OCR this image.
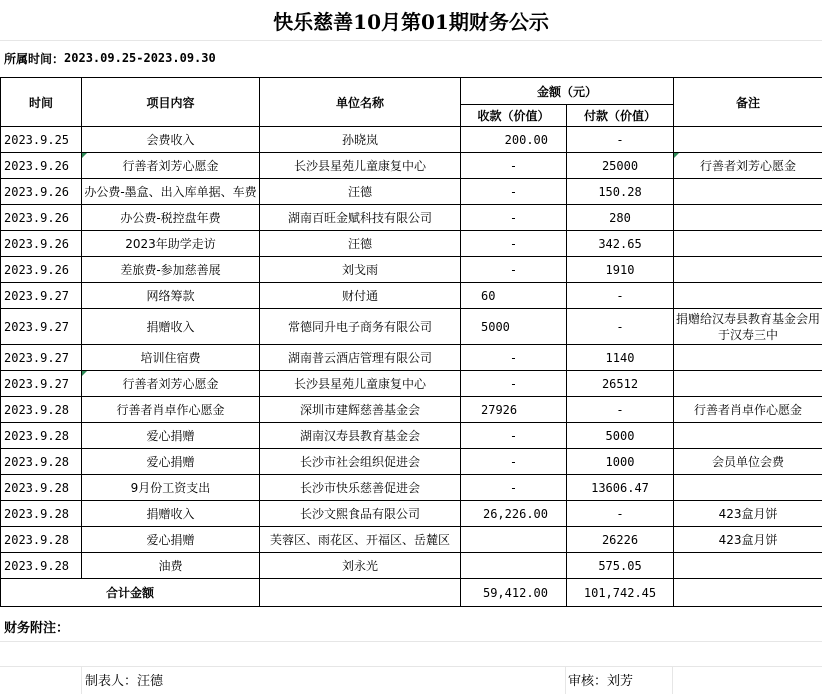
快乐慈善10月第01期财务公示
所属时间： 2023.09.25-2023.09.30
时间	项目内容	单位名称	金额（元）		备注
			收款（价值）	付款（价值）	
2023.9.25	会费收入	孙晓岚	200.00	-	
2023.9.26	行善者刘芳心愿金	长沙县星苑儿童康复中心	-	25000	行善者刘芳心愿金
2023.9.26	办公费-墨盒、出入库单据、车费	汪德	-	150.28	
2023.9.26	办公费-税控盘年费	湖南百旺金赋科技有限公司	-	280	
2023.9.26	2023年助学走访	汪德	-	342.65	
2023.9.26	差旅费-参加慈善展	刘戈雨	-	1910	
2023.9.27	网络筹款	财付通	60	-	
2023.9.27	捐赠收入	常德同升电子商务有限公司	5000	-	捐赠给汉寿县教育基金会用于汉寿三中
2023.9.27	培训住宿费	湖南普云酒店管理有限公司	-	1140	
2023.9.27	行善者刘芳心愿金	长沙县星苑儿童康复中心	-	26512	
2023.9.28	行善者肖卓作心愿金	深圳市建辉慈善基金会	27926	-	行善者肖卓作心愿金
2023.9.28	爱心捐赠	湖南汉寿县教育基金会	-	5000	
2023.9.28	爱心捐赠	长沙市社会组织促进会	-	1000	会员单位会费
2023.9.28	9月份工资支出	长沙市快乐慈善促进会	-	13606.47	
2023.9.28	捐赠收入	长沙文熙食品有限公司	26,226.00	-	423盒月饼
2023.9.28	爱心捐赠	芙蓉区、雨花区、开福区、岳麓区		26226	423盒月饼
2023.9.28	油费	刘永光		575.05	
合计金额			59,412.00	101,742.45	
财务附注：
制表人：汪德	审核：刘芳
